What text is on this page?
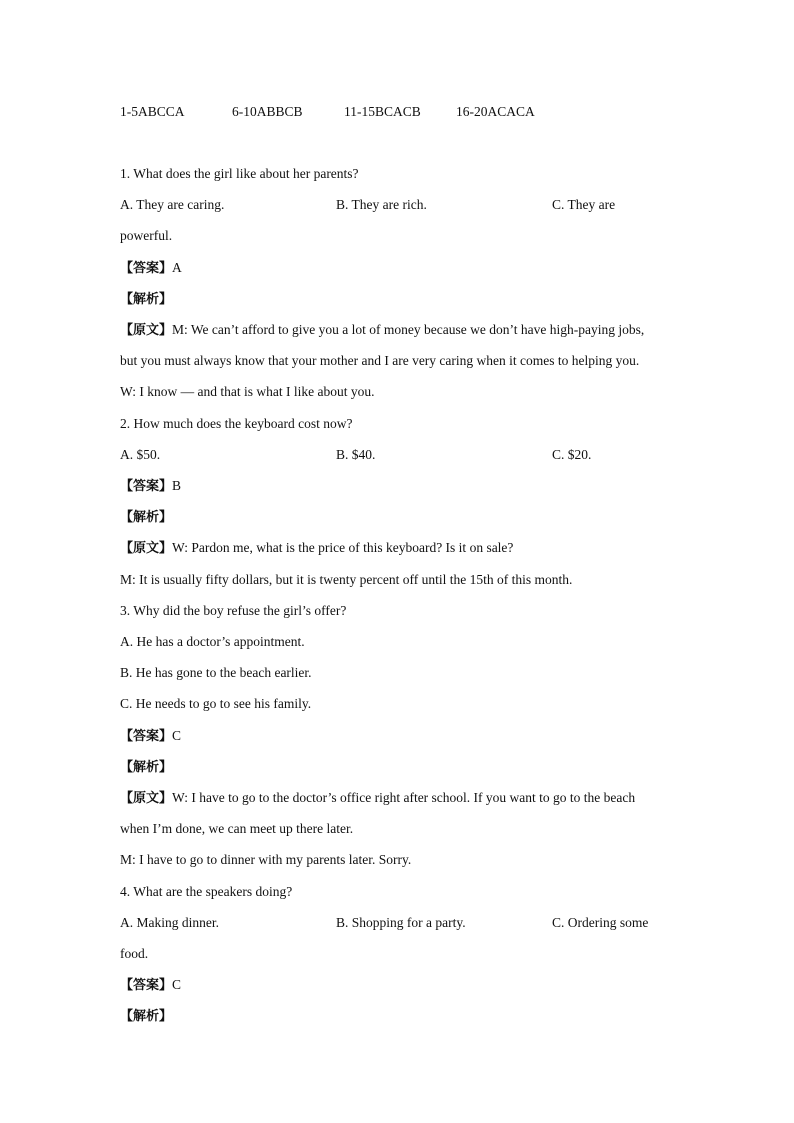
1-5ABCCA	6-10ABBCB	11-15BCACB	16-20ACACA
1. What does the girl like about her parents?
A. They are caring.	B. They are rich.	C. They are
powerful.
【答案】A
【解析】
【原文】M: We can’t afford to give you a lot of money because we don’t have high-paying jobs,
but you must always know that your mother and I are very caring when it comes to helping you.
W: I know — and that is what I like about you.
2. How much does the keyboard cost now?
A. $50.	B. $40.	C. $20.
【答案】B
【解析】
【原文】W: Pardon me, what is the price of this keyboard? Is it on sale?
M: It is usually fifty dollars, but it is twenty percent off until the 15th of this month.
3. Why did the boy refuse the girl’s offer?
A. He has a doctor’s appointment.
B. He has gone to the beach earlier.
C. He needs to go to see his family.
【答案】C
【解析】
【原文】W: I have to go to the doctor’s office right after school. If you want to go to the beach
when I’m done, we can meet up there later.
M: I have to go to dinner with my parents later. Sorry.
4. What are the speakers doing?
A. Making dinner.	B. Shopping for a party.	C. Ordering some
food.
【答案】C
【解析】
